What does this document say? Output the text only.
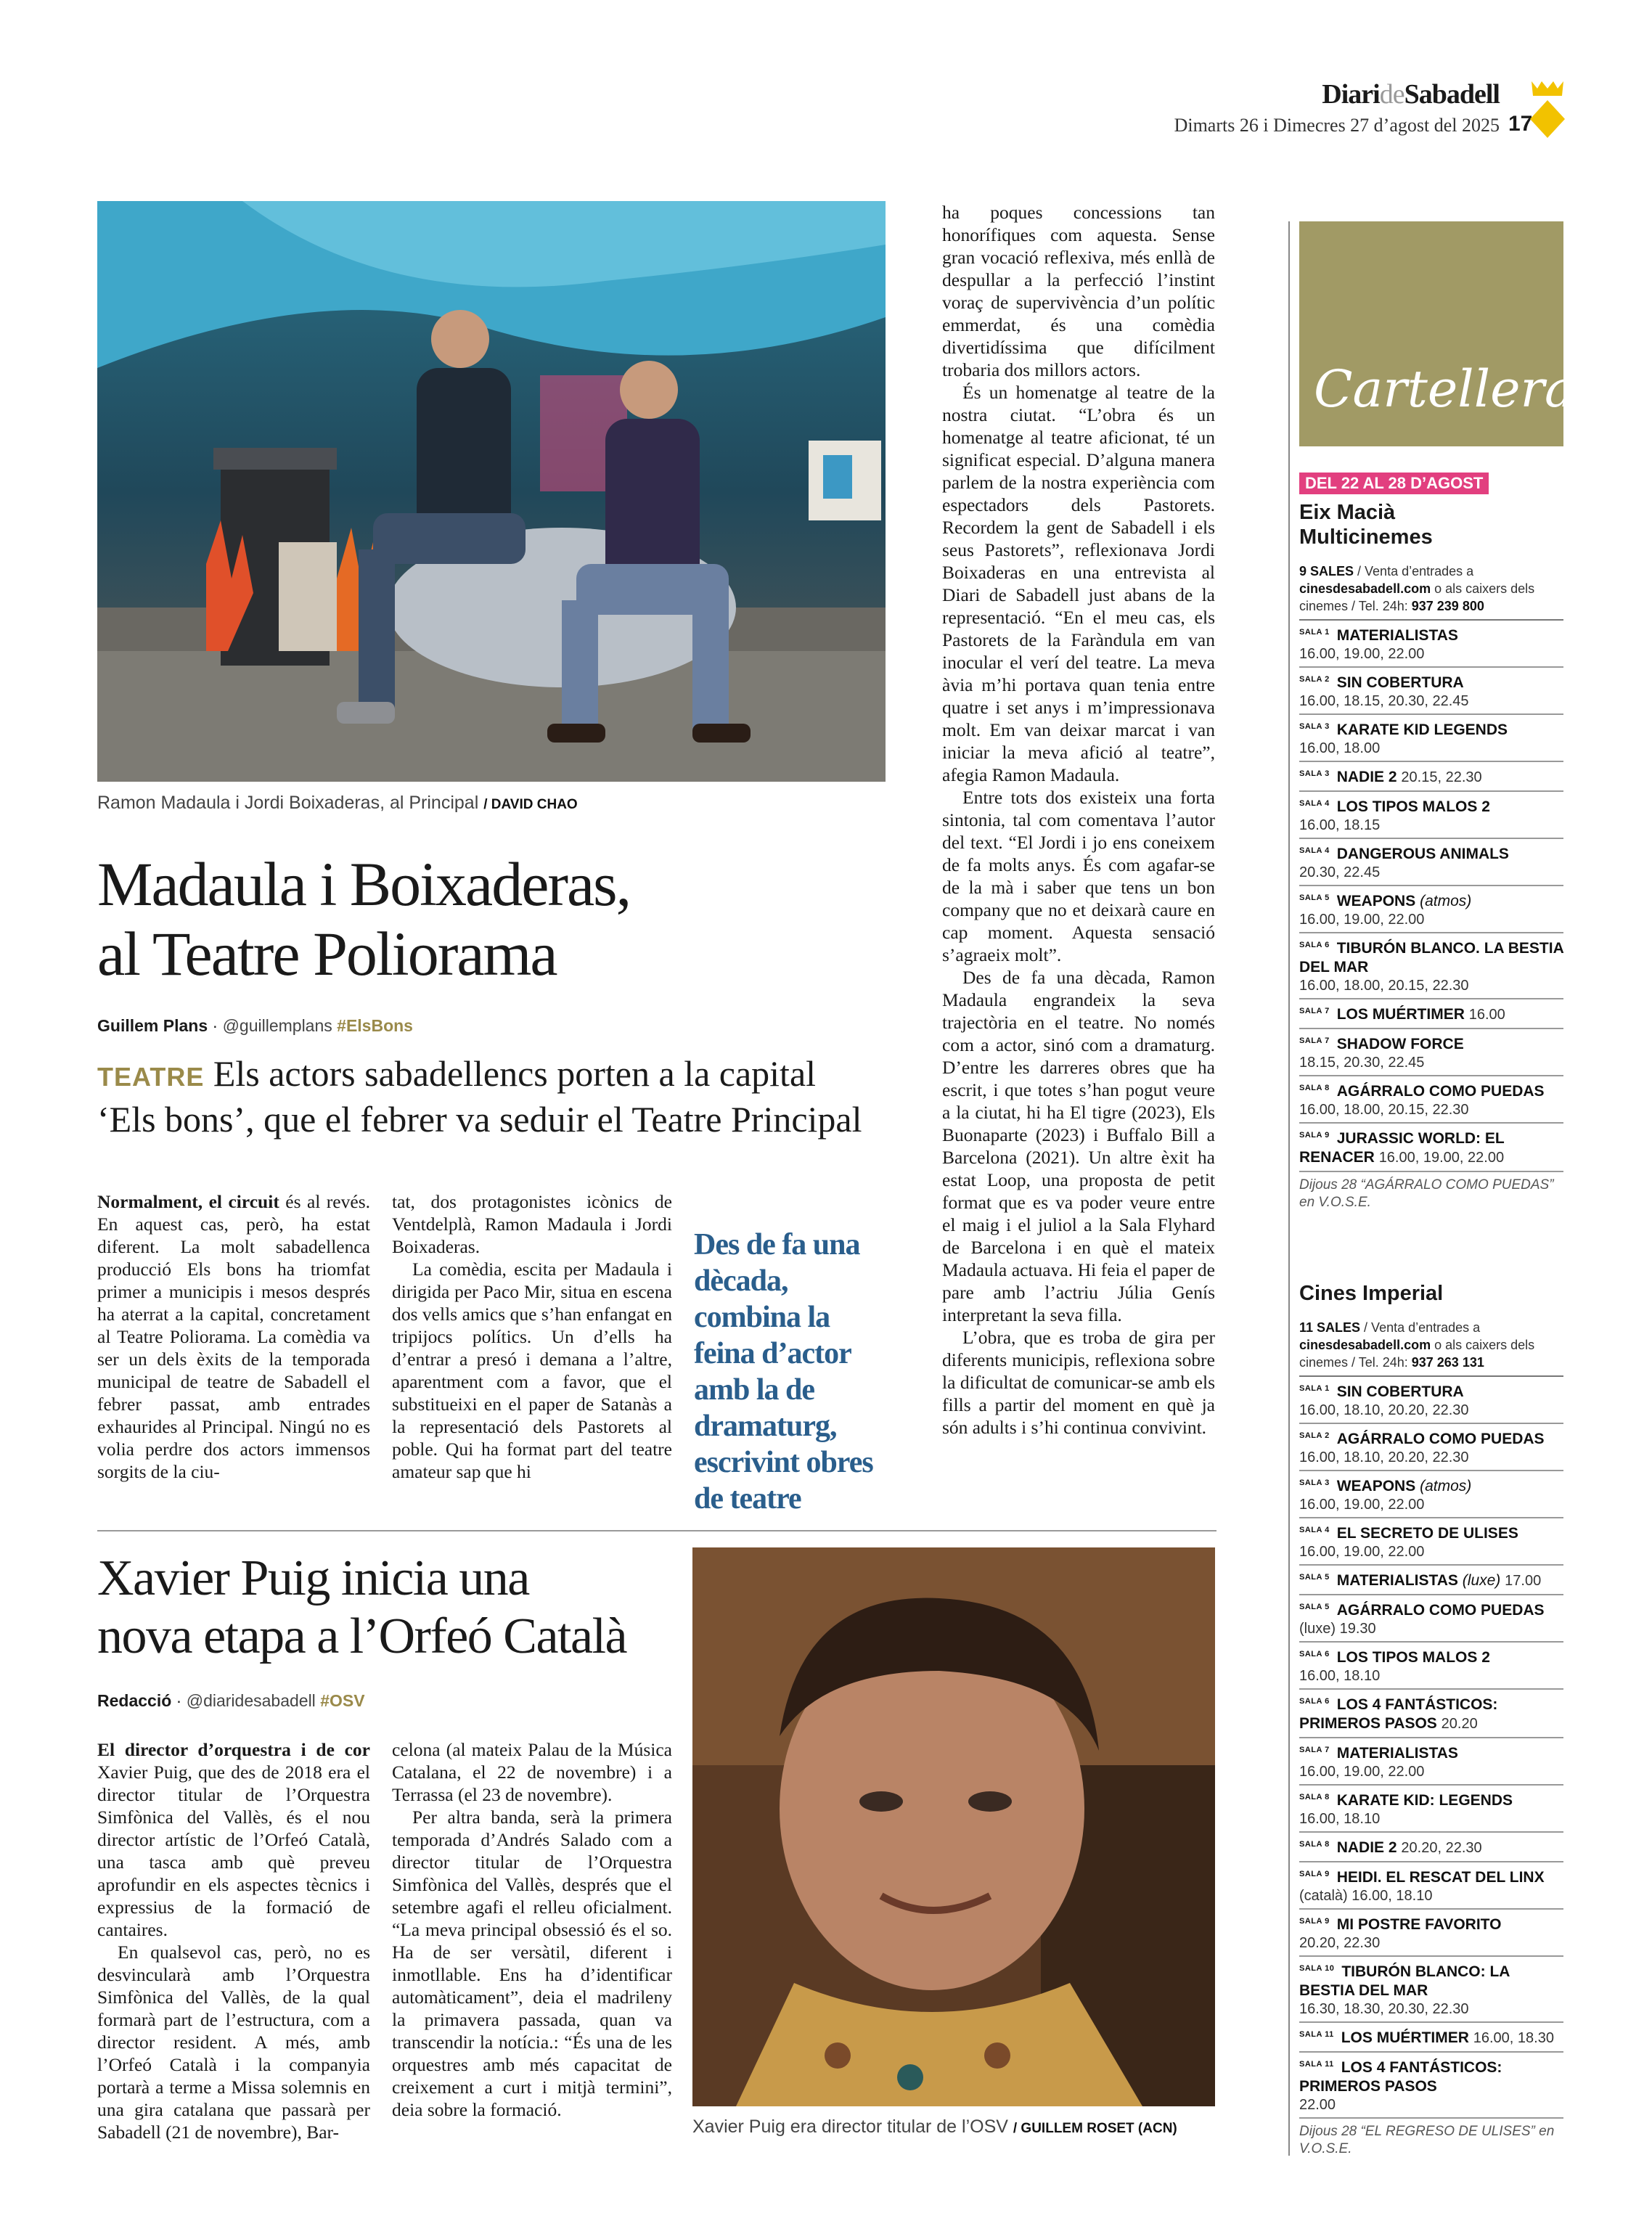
DiarideSabadell
Dimarts 26 i Dimecres 27 d’agost del 2025 17
Ramon Madaula i Jordi Boixaderas, al Principal / DAVID CHAO
Madaula i Boixaderas,
al Teatre Poliorama
Guillem Plans · @guillemplans #ElsBons
TEATRE Els actors sabadellencs porten a la capital
‘Els bons’, que el febrer va seduir el Teatre Principal

Normalment, el circuit és al revés. En aquest cas, però, ha estat diferent. La molt sabadellenca producció Els bons ha triomfat primer a municipis i mesos després ha aterrat a la capital, concretament al Teatre Poliorama. La comèdia va ser un dels èxits de la temporada municipal de teatre de Sabadell el febrer passat, amb entrades exhaurides al Principal. Ningú no es volia perdre dos actors immensos sorgits de la ciu-

tat, dos protagonistes icònics de Ventdelplà, Ramon Madaula i Jordi Boixaderas.

La comèdia, escita per Madaula i dirigida per Paco Mir, situa en escena dos vells amics que s’han enfangat en tripijocs polítics. Un d’ells ha d’entrar a presó i demana a l’altre, aparentment com a favor, que el substitueixi en el paper de Satanàs a la representació dels Pastorets al poble. Qui ha format part del teatre amateur sap que hi

Des de fa una dècada, combina la feina d’actor amb la de dramaturg, escrivint obres de teatre

ha poques concessions tan honorífiques com aquesta. Sense gran vocació reflexiva, més enllà de despullar a la perfecció l’instint voraç de supervivència d’un polític emmerdat, és una comèdia divertidíssima que difícilment trobaria dos millors actors.

És un homenatge al teatre de la nostra ciutat. “L’obra és un homenatge al teatre aficionat, té un significat especial. D’alguna manera parlem de la nostra experiència com espectadors dels Pastorets. Recordem la gent de Sabadell i els seus Pastorets”, reflexionava Jordi Boixaderas en una entrevista al Diari de Sabadell just abans de la representació. “En el meu cas, els Pastorets de la Faràndula em van inocular el verí del teatre. La meva àvia m’hi portava quan tenia entre quatre i set anys i m’impressionava molt. Em van deixar marcat i van iniciar la meva afició al teatre”, afegia Ramon Madaula.

Entre tots dos existeix una forta sintonia, tal com comentava l’autor del text. “El Jordi i jo ens coneixem de fa molts anys. És com agafar-se de la mà i saber que tens un bon company que no et deixarà caure en cap moment. Aquesta sensació s’agraeix molt”.

Des de fa una dècada, Ramon Madaula engrandeix la seva trajectòria en el teatre. No només com a actor, sinó com a dramaturg. D’entre les darreres obres que ha escrit, i que totes s’han pogut veure a la ciutat, hi ha El tigre (2023), Els Buonaparte (2023) i Buffalo Bill a Barcelona (2021). Un altre èxit ha estat Loop, una proposta de petit format que es va poder veure entre el maig i el juliol a la Sala Flyhard de Barcelona i en què el mateix Madaula actuava. Hi feia el paper de pare amb l’actriu Júlia Genís interpretant la seva filla.

L’obra, que es troba de gira per diferents municipis, reflexiona sobre la dificultat de comunicar-se amb els fills a partir del moment en què ja són adults i s’hi continua convivint.

Xavier Puig inicia una
nova etapa a l’Orfeó Català
Redacció · @diaridesabadell #OSV

El director d’orquestra i de cor Xavier Puig, que des de 2018 era el director titular de l’Orquestra Simfònica del Vallès, és el nou director artístic de l’Orfeó Català, una tasca amb què preveu aprofundir en els aspectes tècnics i expressius de la formació de cantaires.

En qualsevol cas, però, no es desvincularà amb l’Orquestra Simfònica del Vallès, de la qual formarà part de l’estructura, com a director resident. A més, amb l’Orfeó Català i la companyia portarà a terme a Missa solemnis en una gira catalana que passarà per Sabadell (21 de novembre), Bar-

celona (al mateix Palau de la Música Catalana, el 22 de novembre) i a Terrassa (el 23 de novembre).

Per altra banda, serà la primera temporada d’Andrés Salado com a director titular de l’Orquestra Simfònica del Vallès, després que el setembre agafi el relleu oficialment. “La meva principal obsessió és el so. Ha de ser versàtil, diferent i inmotllable. Ens ha d’identificar automàticament”, deia el madrileny la primavera passada, quan va transcendir la notícia.: “És una de les orquestres amb més capacitat de creixement a curt i mitjà termini”, deia sobre la formació.

Xavier Puig era director titular de l’OSV / GUILLEM ROSET (ACN)
Cartellera
DEL 22 AL 28 D’AGOST
Eix Macià
Multicinemes
9 SALES / Venta d’entrades a cinesdesabadell.com o als caixers dels cinemes / Tel. 24h: 937 239 800
$^{SALA 1}$ MATERIALISTAS
16.00, 19.00, 22.00
$^{SALA 2}$ SIN COBERTURA
16.00, 18.15, 20.30, 22.45
$^{SALA 3}$ KARATE KID LEGENDS
16.00, 18.00
$^{SALA 3}$ NADIE 2 20.15, 22.30
$^{SALA 4}$ LOS TIPOS MALOS 2
16.00, 18.15
$^{SALA 4}$ DANGEROUS ANIMALS
20.30, 22.45
$^{SALA 5}$ WEAPONS (atmos)
16.00, 19.00, 22.00
$^{SALA 6}$ TIBURÓN BLANCO. LA BESTIA DEL MAR
16.00, 18.00, 20.15, 22.30
$^{SALA 7}$ LOS MUÉRTIMER 16.00
$^{SALA 7}$ SHADOW FORCE
18.15, 20.30, 22.45
$^{SALA 8}$ AGÁRRALO COMO PUEDAS
16.00, 18.00, 20.15, 22.30
$^{SALA 9}$ JURASSIC WORLD: EL RENACER 16.00, 19.00, 22.00
Dijous 28 “AGÁRRALO COMO PUEDAS” en V.O.S.E.
Cines Imperial
11 SALES / Venta d’entrades a cinesdesabadell.com o als caixers dels cinemes / Tel. 24h: 937 263 131
$^{SALA 1}$ SIN COBERTURA
16.00, 18.10, 20.20, 22.30
$^{SALA 2}$ AGÁRRALO COMO PUEDAS
16.00, 18.10, 20.20, 22.30
$^{SALA 3}$ WEAPONS (atmos)
16.00, 19.00, 22.00
$^{SALA 4}$ EL SECRETO DE ULISES
16.00, 19.00, 22.00
$^{SALA 5}$ MATERIALISTAS (luxe) 17.00
$^{SALA 5}$ AGÁRRALO COMO PUEDAS
(luxe) 19.30
$^{SALA 6}$ LOS TIPOS MALOS 2
16.00, 18.10
$^{SALA 6}$ LOS 4 FANTÁSTICOS: PRIMEROS PASOS 20.20
$^{SALA 7}$ MATERIALISTAS
16.00, 19.00, 22.00
$^{SALA 8}$ KARATE KID: LEGENDS
16.00, 18.10
$^{SALA 8}$ NADIE 2 20.20, 22.30
$^{SALA 9}$ HEIDI. EL RESCAT DEL LINX
(català) 16.00, 18.10
$^{SALA 9}$ MI POSTRE FAVORITO
20.20, 22.30
$^{SALA 10}$ TIBURÓN BLANCO: LA BESTIA DEL MAR
16.30, 18.30, 20.30, 22.30
$^{SALA 11}$ LOS MUÉRTIMER 16.00, 18.30
$^{SALA 11}$ LOS 4 FANTÁSTICOS: PRIMEROS PASOS
22.00
Dijous 28 “EL REGRESO DE ULISES” en V.O.S.E.
